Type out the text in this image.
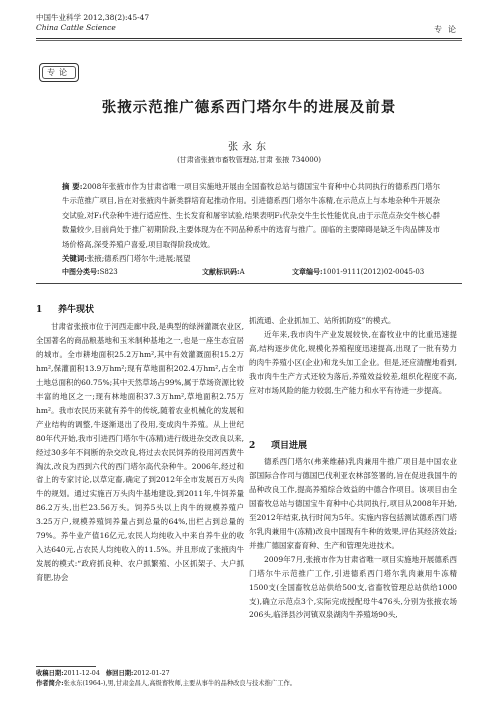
中国牛业科学 2012,38(2):45-47
China Cattle Science	专论
专论
张掖示范推广德系西门塔尔牛的进展及前景
张永东
(甘肃省张掖市畜牧管理站,甘肃 张掖 734000)
摘 要:2008年张掖市作为甘肃省唯一项目实施地开展由全国畜牧总站与德国宝牛育种中心共同执行的德系西门塔尔牛示范推广项目,旨在对张掖肉牛新类群培育起推动作用。引进德系西门塔尔牛冻精,在示范点上与本地杂种牛开展杂交试验,对F₁代杂种牛进行适应性、生长发育和屠宰试验,结果表明F₁代杂交牛生长性能优良,由于示范点杂交牛核心群数量较少,目前尚处于推广初期阶段,主要体现为在不同品种系中的选育与推广。面临的主要障碍是缺乏牛肉品牌及市场价格高,深受养殖户喜爱,项目取得阶段成效。
关键词:张掖;德系西门塔尔牛;进展;展望
中图分类号:S823	文献标识码:A	文章编号:1001-9111(2012)02-0045-03
1 养牛现状

甘肃省张掖市位于河西走廊中段,是典型的绿洲灌溉农业区,全国著名的商品粮基地和玉米制种基地之一,也是一座生态宜居的城市。全市耕地面积25.2万hm²,其中有效灌溉面积15.2万hm²,保灌面积13.9万hm²;现有草地面积202.4万hm²,占全市土地总面积的60.75%;其中天然草场占99%,属于草场资源比较丰富的地区之一;现有林地面积37.3万hm²,草地面积2.75万hm²。我市农民历来就有养牛的传统,随着农业机械化的发展和产业结构的调整,牛逐渐退出了役用,变成肉牛养殖。从上世纪80年代开始,我市引进西门塔尔牛(冻精)进行级进杂交改良以来,经过30多年不间断的杂交改良,将过去农民饲养的役用河西黄牛淘汰,改良为西到六代的西门塔尔高代杂种牛。2006年,经过和省上的专家讨论,以草定畜,确定了到2012年全市发展百万头肉牛的规划。通过实施百万头肉牛基地建设,到2011年,牛饲养量86.2万头,出栏23.56万头。饲养5头以上肉牛的规模养殖户3.25万户,规模养殖饲养量占到总量的64%,出栏占到总量的79%。养牛业产值16亿元,农民人均纯收入中来自养牛业的收入达640元,占农民人均纯收入的11.5%。并且形成了张掖肉牛发展的模式:“政府抓良种、农户抓繁殖、小区抓架子、大户抓育肥,协会

抓流通、企业抓加工、站所抓防疫”的模式。

近年来,我市肉牛产业发展较快,在畜牧业中的比重迅速提高,结构逐步优化,规模化养殖程度迅速提高,出现了一批有势力的肉牛养殖小区(企业)和龙头加工企业。但是,还应清醒地看到,我市肉牛生产方式还较为落后,养殖效益较差,组织化程度不高,应对市场风险的能力较弱,生产能力和水平有待进一步提高。

2 项目进展

德系西门塔尔(弗莱维赫)乳肉兼用牛推广项目是中国农业部国际合作司与德国巴伐利亚农林部签署的,旨在促进我国牛的品种改良工作,提高养殖综合效益的中德合作项目。该项目由全国畜牧总站与德国宝牛育种中心共同执行,项目从2008年开始,至2012年结束,执行时间为5年。实施内容包括测试德系西门塔尔乳肉兼用牛(冻精)改良中国现有牛种的效果,评估其经济效益;并推广德国家畜育种、生产和管理先进技术。

2009年7月,张掖市作为甘肃省唯一项目实施地开展德系西门塔尔牛示范推广工作,引进德系西门塔尔乳肉兼用牛冻精1500支(全国畜牧总站供给500支,省畜牧管理总站供给1000支),确立示范点3个,实际完成授配母牛476头,分别为张掖农场206头,临泽县沙河镇双泉湖肉牛养殖场90头,

收稿日期:2011-12-04 修回日期:2012-01-27
作者简介:张永东(1964-),男,甘肃金昌人,高级畜牧师,主要从事牛的品种改良与技术推广工作。
